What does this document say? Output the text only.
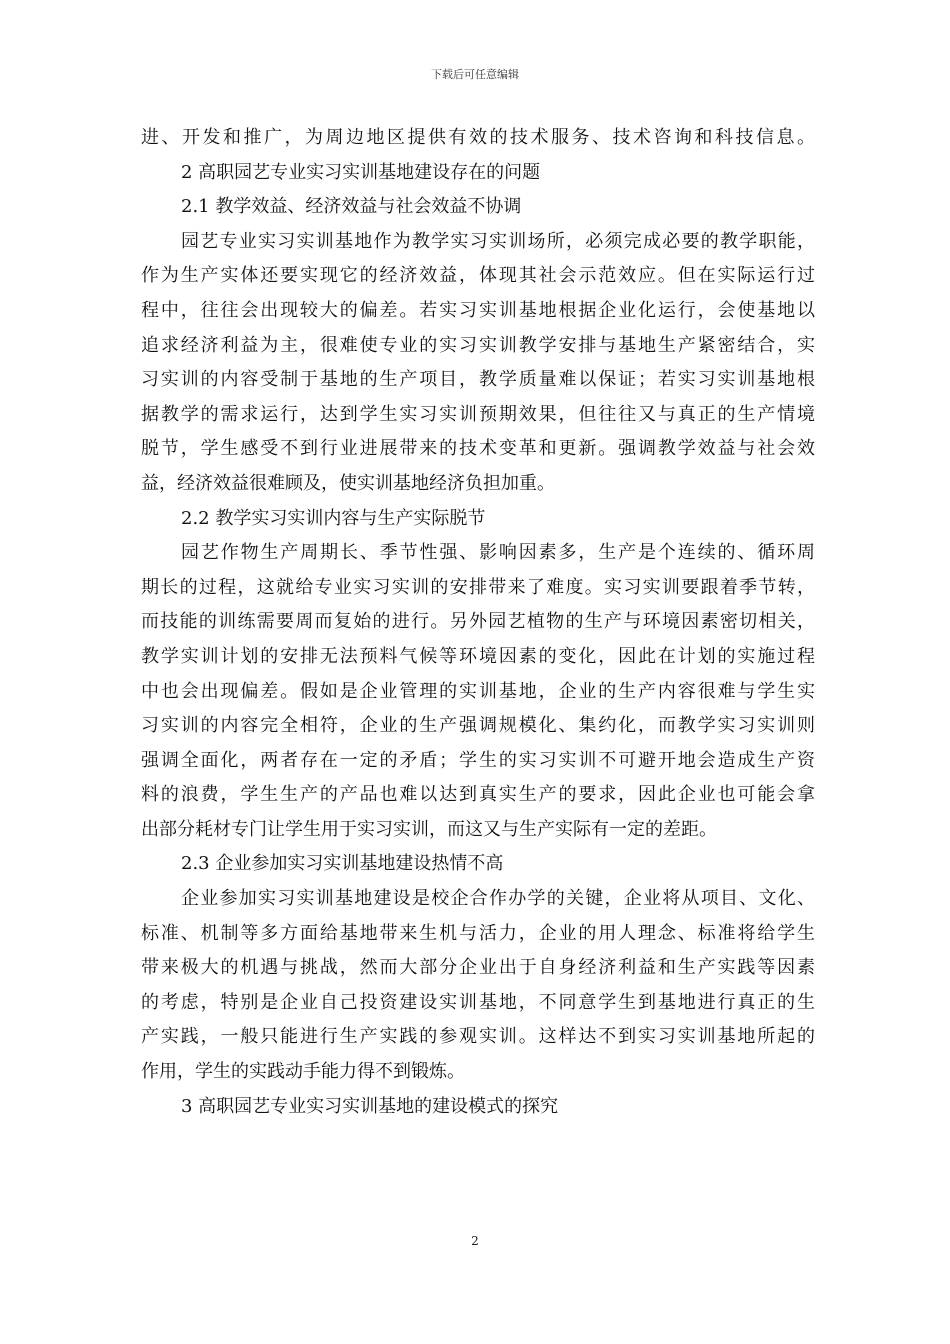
下载后可任意编辑
进、开发和推广，为周边地区提供有效的技术服务、技术咨询和科技信息。
2 高职园艺专业实习实训基地建设存在的问题
2.1 教学效益、经济效益与社会效益不协调
园艺专业实习实训基地作为教学实习实训场所，必须完成必要的教学职能，
作为生产实体还要实现它的经济效益，体现其社会示范效应。但在实际运行过
程中，往往会出现较大的偏差。若实习实训基地根据企业化运行，会使基地以
追求经济利益为主，很难使专业的实习实训教学安排与基地生产紧密结合，实
习实训的内容受制于基地的生产项目，教学质量难以保证；若实习实训基地根
据教学的需求运行，达到学生实习实训预期效果，但往往又与真正的生产情境
脱节，学生感受不到行业进展带来的技术变革和更新。强调教学效益与社会效
益，经济效益很难顾及，使实训基地经济负担加重。
2.2 教学实习实训内容与生产实际脱节
园艺作物生产周期长、季节性强、影响因素多，生产是个连续的、循环周
期长的过程，这就给专业实习实训的安排带来了难度。实习实训要跟着季节转，
而技能的训练需要周而复始的进行。另外园艺植物的生产与环境因素密切相关，
教学实训计划的安排无法预料气候等环境因素的变化，因此在计划的实施过程
中也会出现偏差。假如是企业管理的实训基地，企业的生产内容很难与学生实
习实训的内容完全相符，企业的生产强调规模化、集约化，而教学实习实训则
强调全面化，两者存在一定的矛盾；学生的实习实训不可避开地会造成生产资
料的浪费，学生生产的产品也难以达到真实生产的要求，因此企业也可能会拿
出部分耗材专门让学生用于实习实训，而这又与生产实际有一定的差距。
2.3 企业参加实习实训基地建设热情不高
企业参加实习实训基地建设是校企合作办学的关键，企业将从项目、文化、
标准、机制等多方面给基地带来生机与活力，企业的用人理念、标准将给学生
带来极大的机遇与挑战，然而大部分企业出于自身经济利益和生产实践等因素
的考虑，特别是企业自己投资建设实训基地，不同意学生到基地进行真正的生
产实践，一般只能进行生产实践的参观实训。这样达不到实习实训基地所起的
作用，学生的实践动手能力得不到锻炼。
3 高职园艺专业实习实训基地的建设模式的探究
2
